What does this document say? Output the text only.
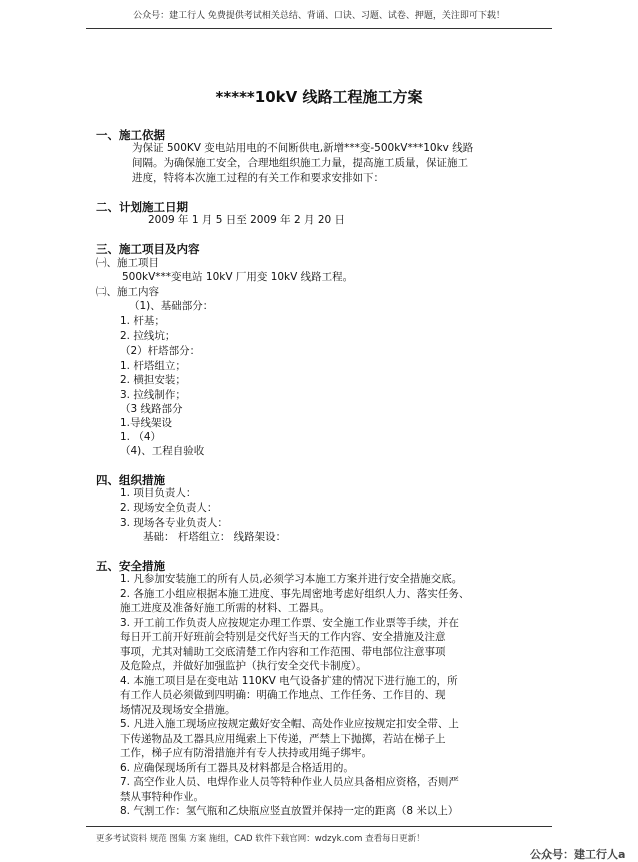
公众号：建工行人 免费提供考试相关总结、背诵、口诀、习题、试卷、押题，关注即可下载！
*****10kV 线路工程施工方案
一、施工依据
为保证 500KV 变电站用电的不间断供电,新增***变-500kV***10kv 线路
间隔。为确保施工安全，合理地组织施工力量，提高施工质量，保证施工
进度，特将本次施工过程的有关工作和要求安排如下：
二、计划施工日期
2009 年 1 月 5 日至 2009 年 2 月 20 日
三、施工项目及内容
㈠、施工项目
500kV***变电站 10kV 厂用变 10kV 线路工程。
㈡、施工内容
（1)、基础部分：
1. 杆基；
2. 拉线坑；
（2）杆塔部分：
1. 杆塔组立；
2. 横担安装；
3. 拉线制作；
（3 线路部分
1.导线架设
1. （4）
（4)、工程自验收
四、组织措施
1. 项目负责人：
2. 现场安全负责人：
3. 现场各专业负责人：
基础： 杆塔组立： 线路架设：
五、安全措施
1. 凡参加安装施工的所有人员,必须学习本施工方案并进行安全措施交底。
2. 各施工小组应根据本施工进度、事先周密地考虑好组织人力、落实任务、
施工进度及准备好施工所需的材料、工器具。
3. 开工前工作负责人应按规定办理工作票、安全施工作业票等手续，并在
每日开工前开好班前会特别是交代好当天的工作内容、安全措施及注意
事项，尤其对辅助工交底清楚工作内容和工作范围、带电部位注意事项
及危险点，并做好加强监护（执行安全交代卡制度）。
4. 本施工项目是在变电站 110KV 电气设备扩建的情况下进行施工的，所
有工作人员必须做到四明确：明确工作地点、工作任务、工作目的、现
场情况及现场安全措施。
5. 凡进入施工现场应按规定戴好安全帽、高处作业应按规定扣安全带、上
下传递物品及工器具应用绳索上下传递，严禁上下抛掷，若站在梯子上
工作，梯子应有防滑措施并有专人扶持或用绳子绑牢。
6. 应确保现场所有工器具及材料都是合格适用的。
7. 高空作业人员、电焊作业人员等特种作业人员应具备相应资格，否则严
禁从事特种作业。
8. 气割工作：氢气瓶和乙炔瓶应竖直放置并保持一定的距离（8 米以上）
更多考试资料 规范 图集 方案 施组，CAD 软件下载官网：wdzyk.com 查看每日更新！
公众号：建工行人a
